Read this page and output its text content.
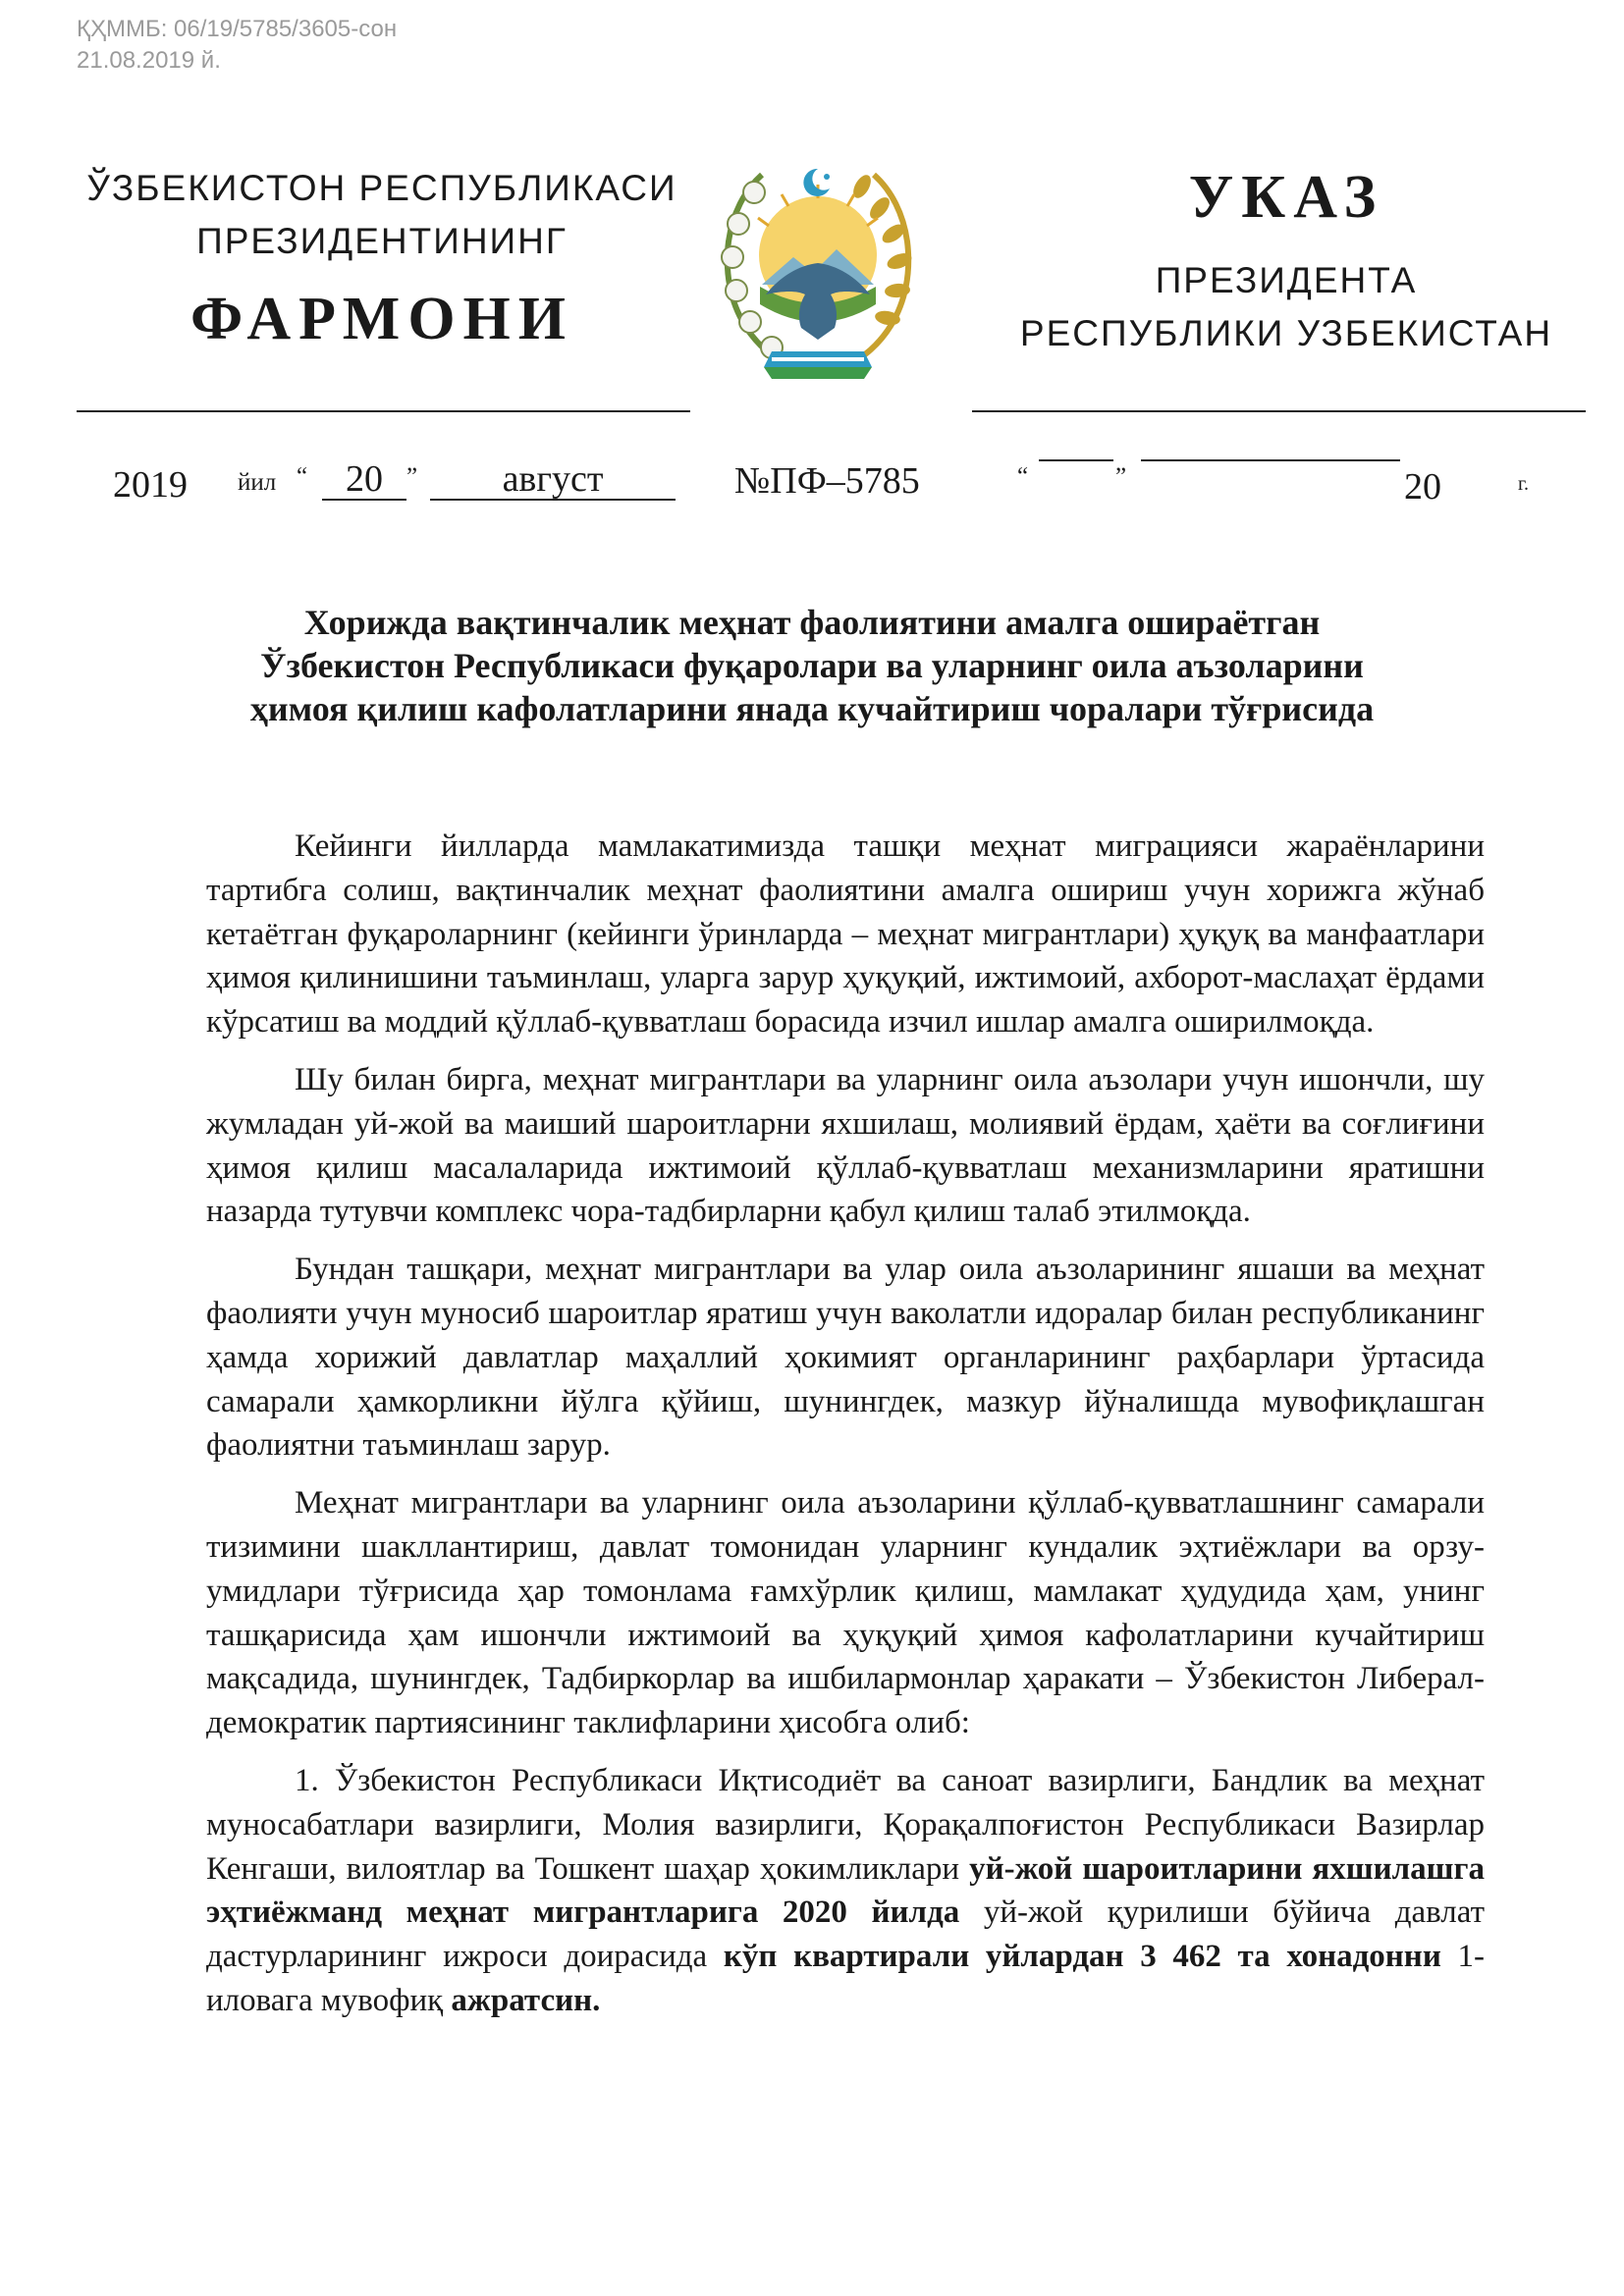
ҚҲММБ: 06/19/5785/3605-сон
21.08.2019 й.
ЎЗБЕКИСТОН РЕСПУБЛИКАСИ
ПРЕЗИДЕНТИНИНГ
ФАРМОНИ
УКАЗ
ПРЕЗИДЕНТА
РЕСПУБЛИКИ УЗБЕКИСТАН
2019 йил “	20 ”	август	№ПФ–5785	“	”	20	г.
Хорижда вақтинчалик меҳнат фаолиятини амалга ошираётган
Ўзбекистон Республикаси фуқаролари ва уларнинг оила аъзоларини
ҳимоя қилиш кафолатларини янада кучайтириш чоралари тўғрисида

Кейинги йилларда мамлакатимизда ташқи меҳнат миграцияси жараёнларини тартибга солиш, вақтинчалик меҳнат фаолиятини амалга ошириш учун хорижга жўнаб кетаётган фуқароларнинг (кейинги ўринларда – меҳнат мигрантлари) ҳуқуқ ва манфаатлари ҳимоя қилинишини таъминлаш, уларга зарур ҳуқуқий, ижтимоий, ахборот-маслаҳат ёрдами кўрсатиш ва моддий қўллаб-қувватлаш борасида изчил ишлар амалга оширилмоқда.

Шу билан бирга, меҳнат мигрантлари ва уларнинг оила аъзолари учун ишончли, шу жумладан уй-жой ва маиший шароитларни яхшилаш, молиявий ёрдам, ҳаёти ва соғлиғини ҳимоя қилиш масалаларида ижтимоий қўллаб-қувватлаш механизмларини яратишни назарда тутувчи комплекс чора-тадбирларни қабул қилиш талаб этилмоқда.

Бундан ташқари, меҳнат мигрантлари ва улар оила аъзоларининг яшаши ва меҳнат фаолияти учун муносиб шароитлар яратиш учун ваколатли идоралар билан республиканинг ҳамда хорижий давлатлар маҳаллий ҳокимият органларининг раҳбарлари ўртасида самарали ҳамкорликни йўлга қўйиш, шунингдек, мазкур йўналишда мувофиқлашган фаолиятни таъминлаш зарур.

Меҳнат мигрантлари ва уларнинг оила аъзоларини қўллаб-қувватлашнинг самарали тизимини шакллантириш, давлат томонидан уларнинг кундалик эҳтиёжлари ва орзу-умидлари тўғрисида ҳар томонлама ғамхўрлик қилиш, мамлакат ҳудудида ҳам, унинг ташқарисида ҳам ишончли ижтимоий ва ҳуқуқий ҳимоя кафолатларини кучайтириш мақсадида, шунингдек, Тадбиркорлар ва ишбилармонлар ҳаракати – Ўзбекистон Либерал-демократик партиясининг таклифларини ҳисобга олиб:

1. Ўзбекистон Республикаси Иқтисодиёт ва саноат вазирлиги, Бандлик ва меҳнат муносабатлари вазирлиги, Молия вазирлиги, Қорақалпоғистон Республикаси Вазирлар Кенгаши, вилоятлар ва Тошкент шаҳар ҳокимликлари уй-жой шароитларини яхшилашга эҳтиёжманд меҳнат мигрантларига 2020 йилда уй-жой қурилиши бўйича давлат дастурларининг ижроси доирасида кўп квартирали уйлардан 3 462 та хонадонни 1-иловага мувофиқ ажратсин.
